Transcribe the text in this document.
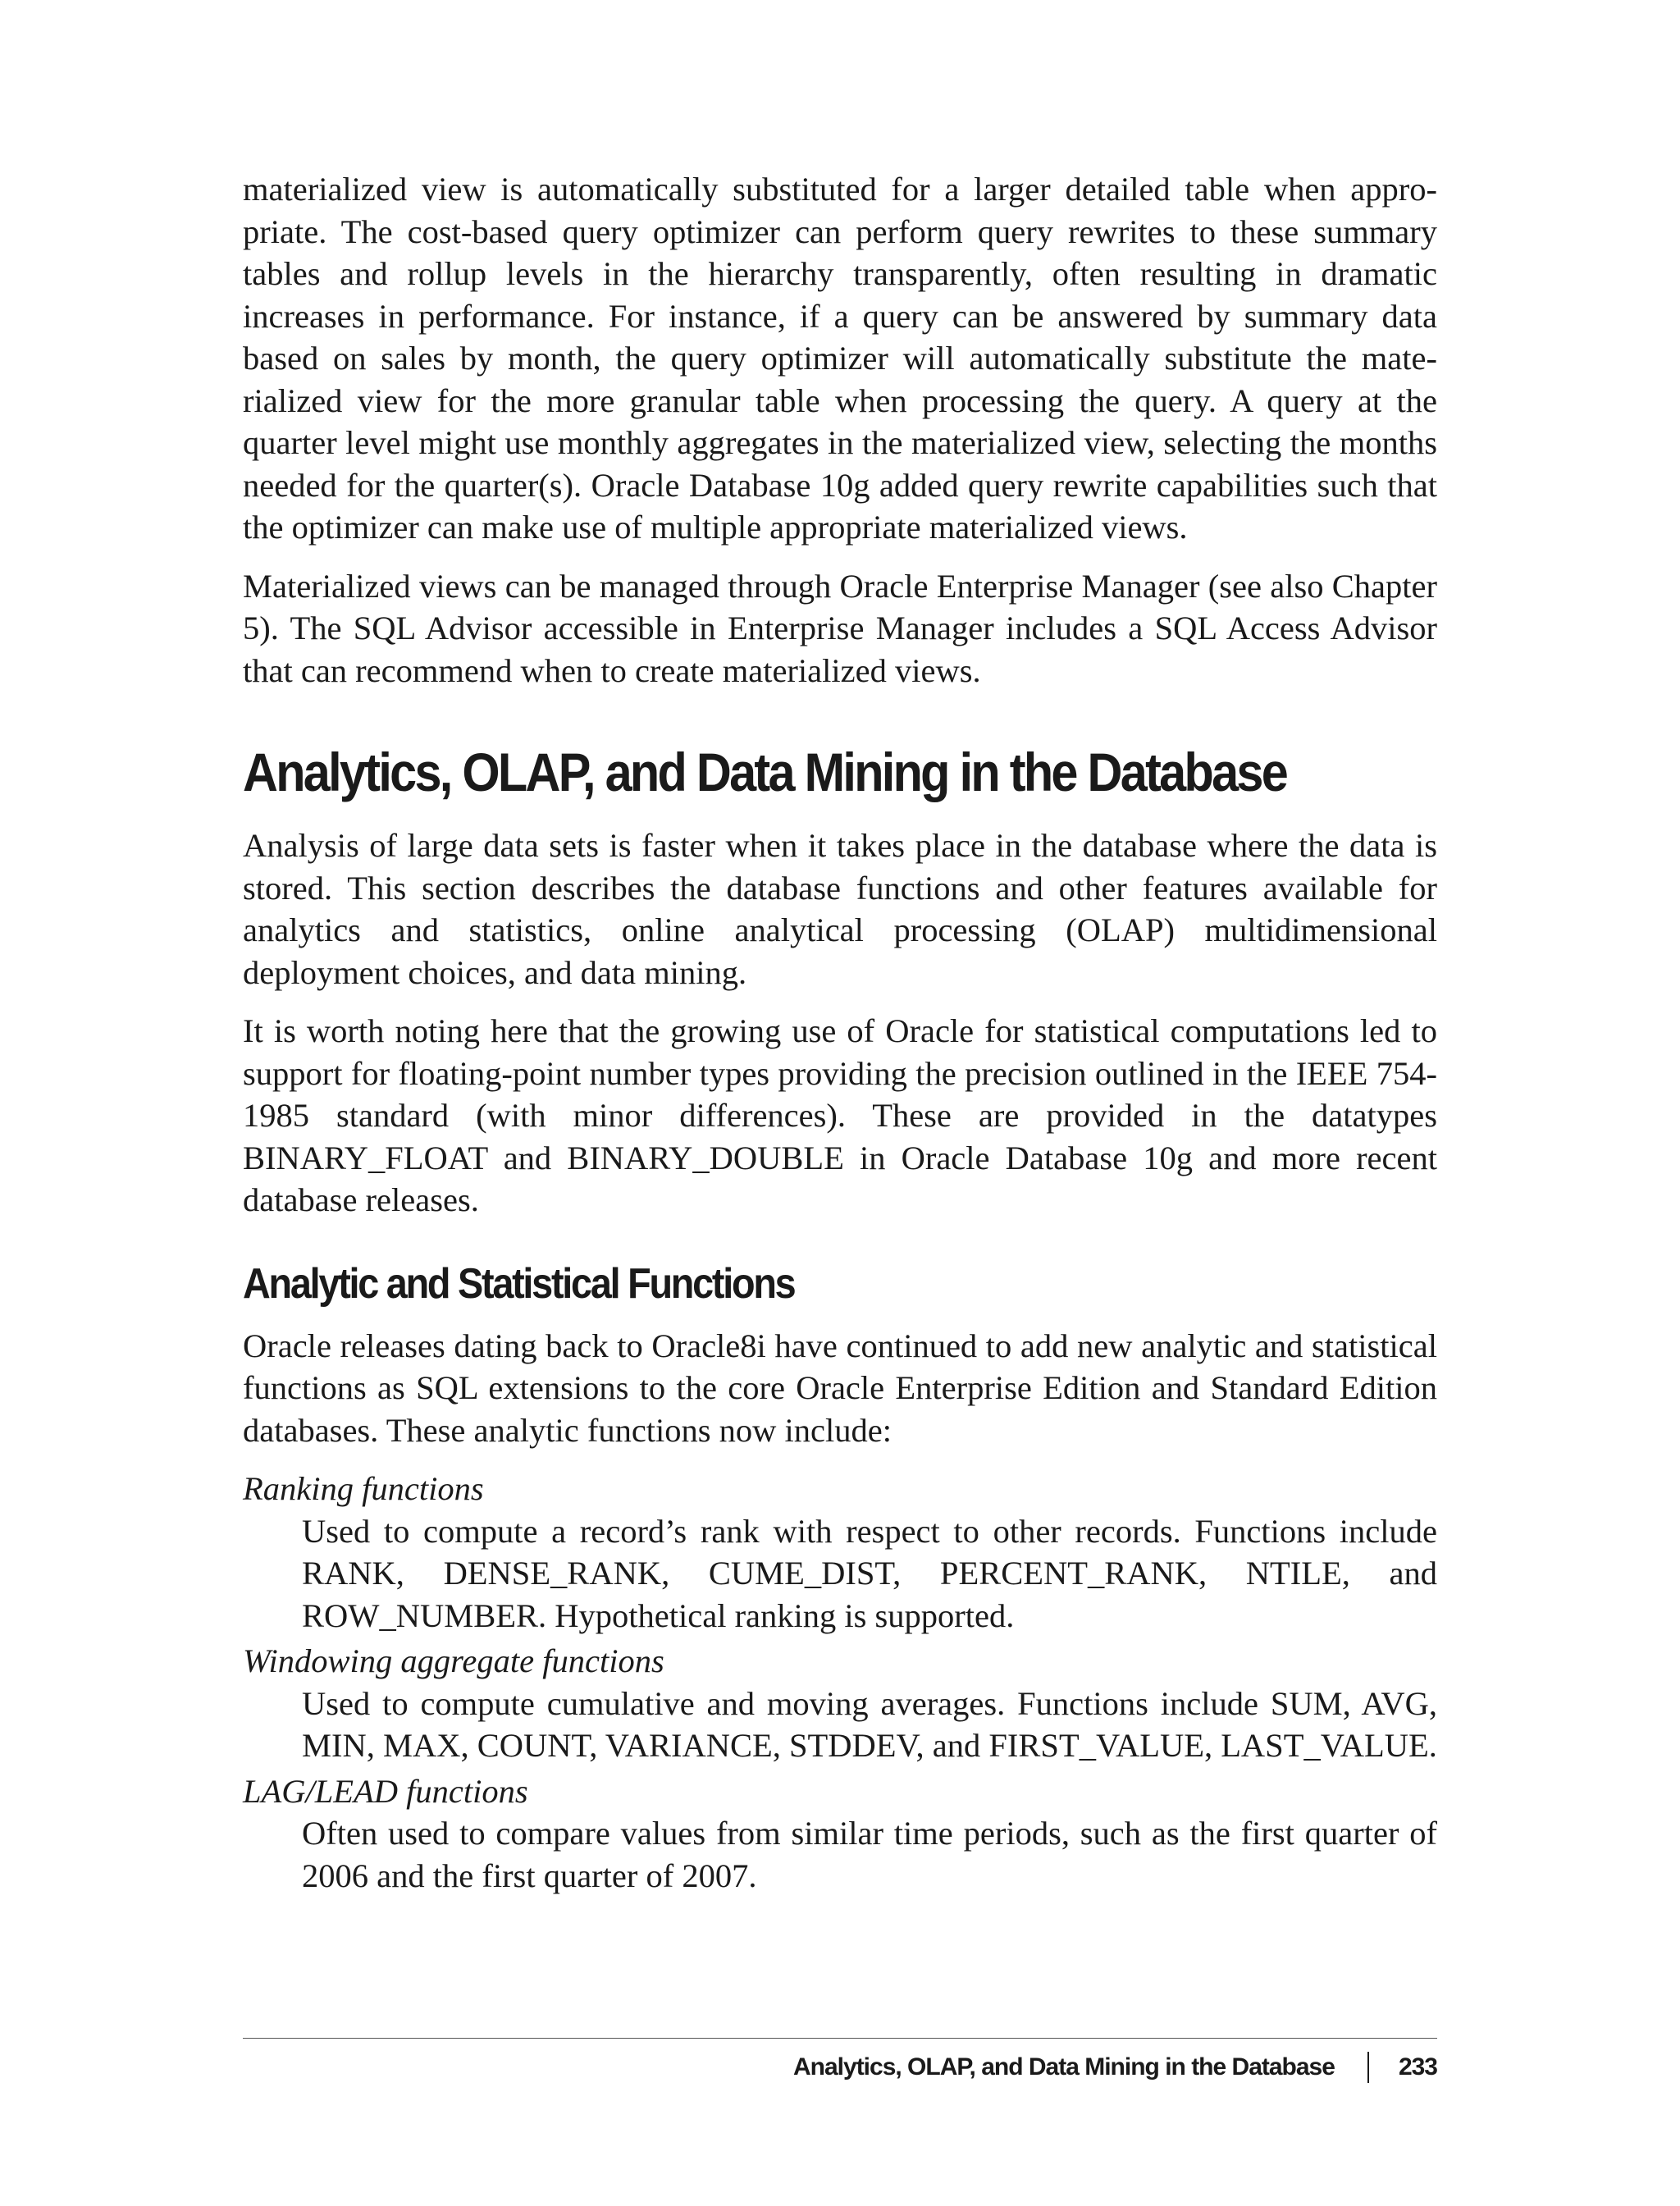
materialized view is automatically substituted for a larger detailed table when appropriate. The cost-based query optimizer can perform query rewrites to these summary tables and rollup levels in the hierarchy transparently, often resulting in dramatic increases in performance. For instance, if a query can be answered by summary data based on sales by month, the query optimizer will automatically substitute the materialized view for the more granular table when processing the query. A query at the quarter level might use monthly aggregates in the materialized view, selecting the months needed for the quarter(s). Oracle Database 10g added query rewrite capabilities such that the optimizer can make use of multiple appropriate materialized views.

Materialized views can be managed through Oracle Enterprise Manager (see also Chapter 5). The SQL Advisor accessible in Enterprise Manager includes a SQL Access Advisor that can recommend when to create materialized views.

Analytics, OLAP, and Data Mining in the Database

Analysis of large data sets is faster when it takes place in the database where the data is stored. This section describes the database functions and other features available for analytics and statistics, online analytical processing (OLAP) multidimensional deployment choices, and data mining.

It is worth noting here that the growing use of Oracle for statistical computations led to support for floating-point number types providing the precision outlined in the IEEE 754-1985 standard (with minor differences). These are provided in the datatypes BINARY_FLOAT and BINARY_DOUBLE in Oracle Database 10g and more recent database releases.

Analytic and Statistical Functions

Oracle releases dating back to Oracle8i have continued to add new analytic and statistical functions as SQL extensions to the core Oracle Enterprise Edition and Standard Edition databases. These analytic functions now include:

Ranking functions
Used to compute a record’s rank with respect to other records. Functions include RANK, DENSE_RANK, CUME_DIST, PERCENT_RANK, NTILE, and ROW_NUMBER. Hypothetical ranking is supported.
Windowing aggregate functions
Used to compute cumulative and moving averages. Functions include SUM, AVG, MIN, MAX, COUNT, VARIANCE, STDDEV, and FIRST_VALUE, LAST_VALUE.
LAG/LEAD functions
Often used to compare values from similar time periods, such as the first quarter of 2006 and the first quarter of 2007.
Analytics, OLAP, and Data Mining in the Database	233
